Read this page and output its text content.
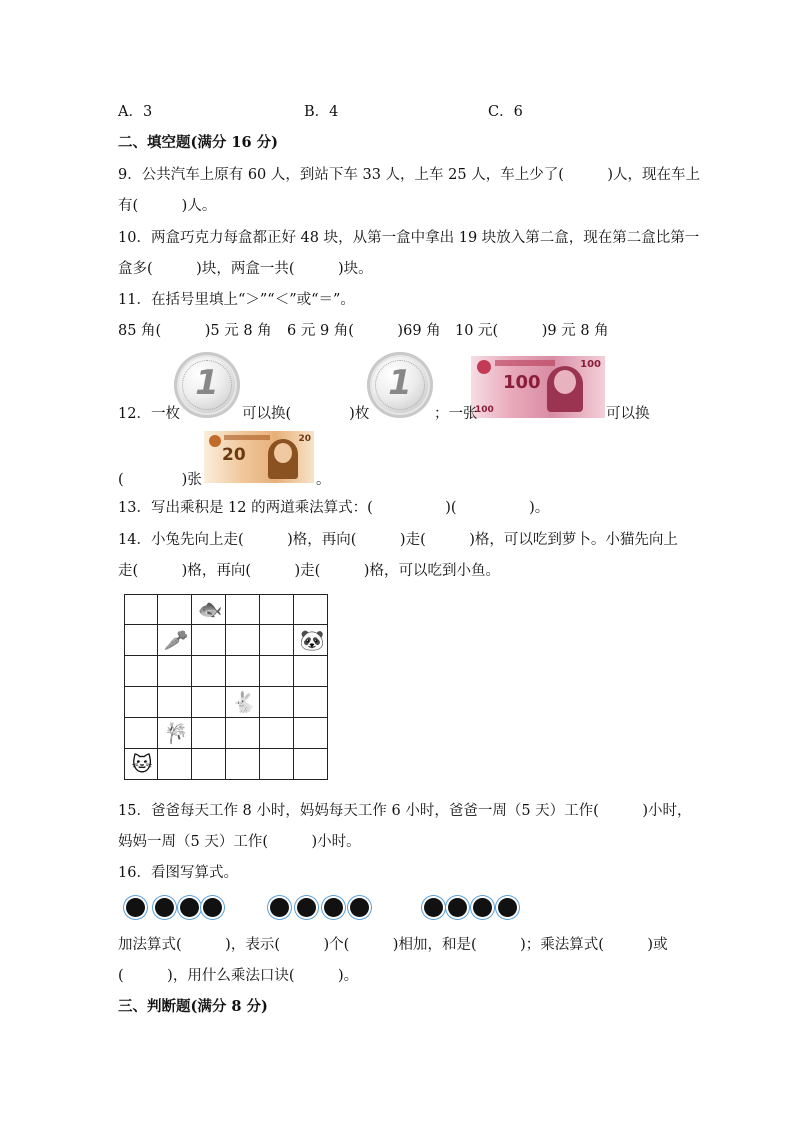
A．3	B．4	C．6
二、填空题(满分 16 分)
9．公共汽车上原有 60 人，到站下车 33 人，上车 25 人，车上少了(　　　)人，现在车上
有(　　　)人。
10．两盒巧克力每盒都正好 48 块，从第一盒中拿出 19 块放入第二盒，现在第二盒比第一
盒多(　　　)块，两盒一共(　　　)块。
11．在括号里填上“＞”“＜”或“＝”。
85 角(　　　)5 元 8 角 6 元 9 角(　　　)69 角 10 元(　　　)9 元 8 角
1	1	100
100
100
20
20
12．一枚	可以换(　　　　)枚	；一张	可以换
(　　　　)张	。
13．写出乘积是 12 的两道乘法算式：(　　　　　)(　　　　　)。
14．小兔先向上走(　　　)格，再向(　　　)走(　　　)格，可以吃到萝卜。小猫先向上
走(　　　)格，再向(　　　)走(　　　)格，可以吃到小鱼。
🐟
🥕	🐼
🐇
🎋
🐱
15．爸爸每天工作 8 小时，妈妈每天工作 6 小时，爸爸一周（5 天）工作(　　　)小时，
妈妈一周（5 天）工作(　　　)小时。
16．看图写算式。
加法算式(　　　)，表示(　　　)个(　　　)相加，和是(　　　)；乘法算式(　　　)或
(　　　)，用什么乘法口诀(　　　)。
三、判断题(满分 8 分)
